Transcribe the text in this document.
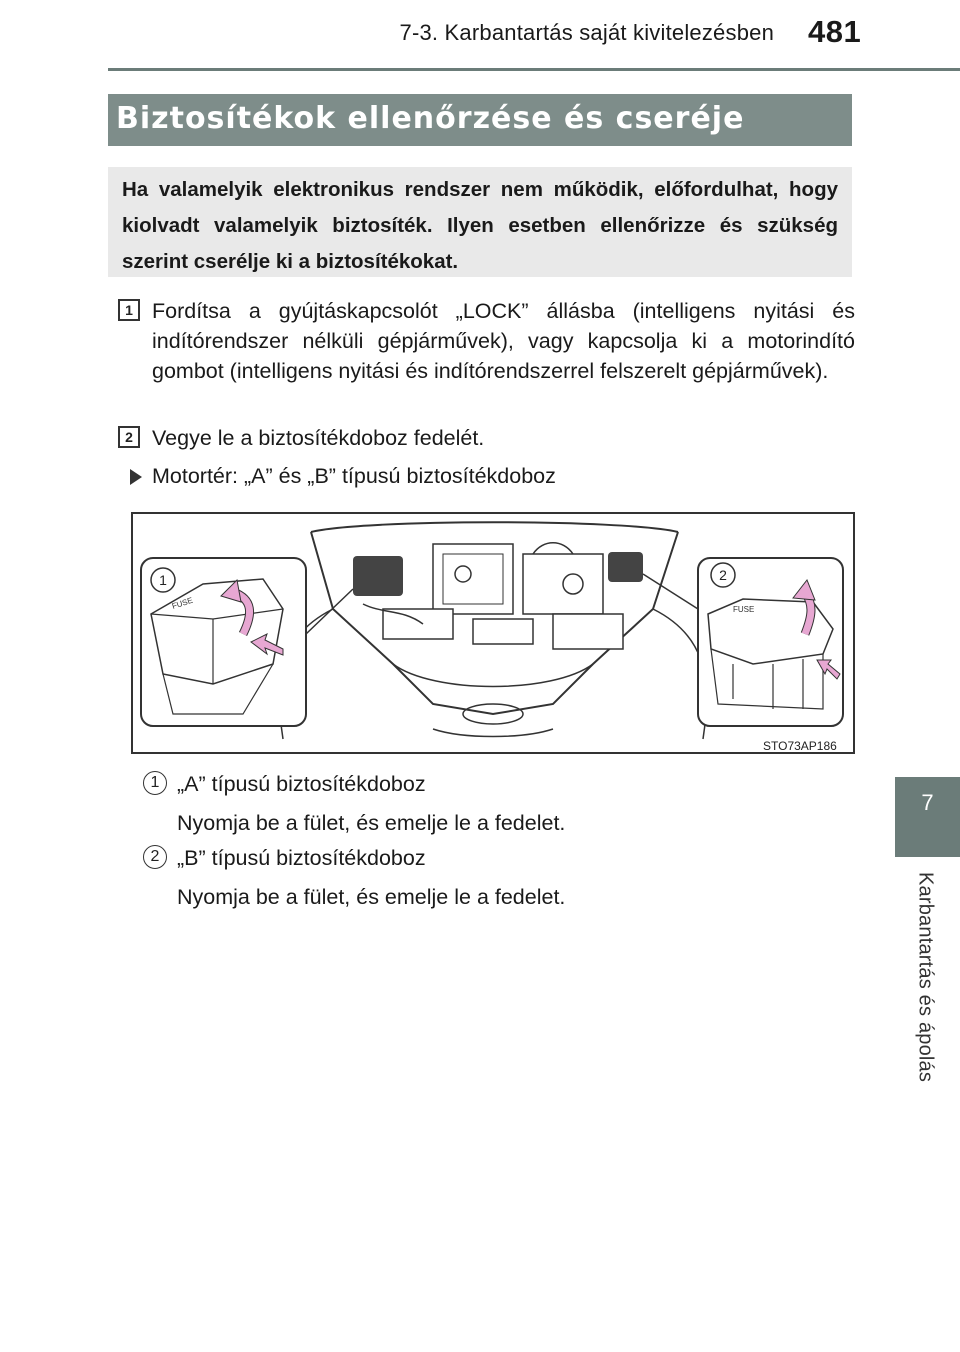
7-3. Karbantartás saját kivitelezésben 481
7
Karbantartás és ápolás
Biztosítékok ellenőrzése és cseréje
Ha valamelyik elektronikus rendszer nem működik, előfordulhat, hogy kiolvadt valamelyik biztosíték. Ilyen esetben ellenőrizze és szükség szerint cserélje ki a biztosítékokat.
1 Fordítsa a gyújtáskapcsolót „LOCK” állásba (intelligens nyitási és indítórendszer nélküli gépjárművek), vagy kapcsolja ki a motorindító gombot (intelligens nyitási és indítórendszerrel felszerelt gépjárművek).
2 Vegye le a biztosítékdoboz fedelét.
Motortér: „A” és „B” típusú biztosítékdoboz
FUSE
1
FUSE
2
STO73AP186
1 „A” típusú biztosítékdoboz
Nyomja be a fület, és emelje le a fedelet.
2 „B” típusú biztosítékdoboz
Nyomja be a fület, és emelje le a fedelet.
